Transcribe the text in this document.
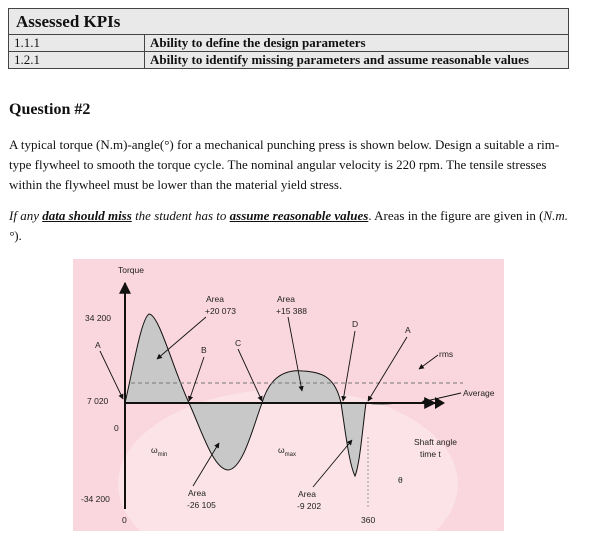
Assessed KPIs	
1.1.1	Ability to define the design parameters
1.2.1	Ability to identify missing parameters and assume reasonable values
Question #2

A typical torque (N.m)-angle(°) for a mechanical punching press is shown below. Design a suitable a rim-type flywheel to smooth the torque cycle. The nominal angular velocity is 220 rpm. The tensile stresses within the flywheel must be lower than the material yield stress.

If any data should miss the student has to assume reasonable values. Areas in the figure are given in (N.m.°).

Torque
34 200
7 020
0
-34 200
0	360
θ
$\omega_{min}$	$\omega_{max}$
Shaft angle
time t
Average
rms
Area
+20 073
Area
+15 388
Area
-26 105
Area
-9 202
A	B
C
D
A
